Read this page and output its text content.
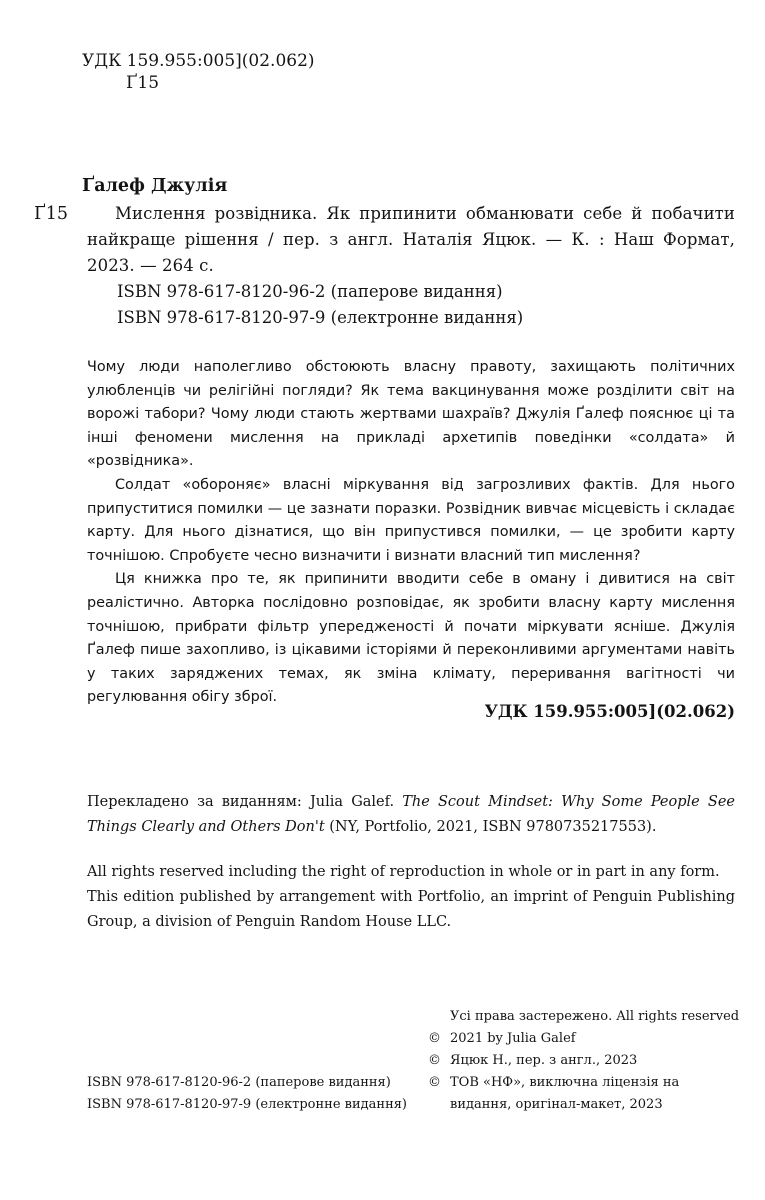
УДК 159.955:005](02.062)
Ґ15
Ґалеф Джулія
Ґ15	Мислення розвідника. Як припинити обманювати себе й побачити найкраще рішення / пер. з англ. Наталія Яцюк. — К. : Наш Формат, 2023. — 264 с.
ISBN 978-617-8120-96-2 (паперове видання)
ISBN 978-617-8120-97-9 (електронне видання)

Чому люди наполегливо обстоюють власну правоту, захищають політичних улюбленців чи релігійні погляди? Як тема вакцинування може розділити світ на ворожі табори? Чому люди стають жертвами шахраїв? Джулія Ґалеф пояснює ці та інші феномени мислення на прикладі архетипів поведінки «солдата» й «розвідника».

Солдат «обороняє» власні міркування від загрозливих фактів. Для нього припуститися помилки — це зазнати поразки. Розвідник вивчає місцевість і складає карту. Для нього дізнатися, що він припустився помилки, — це зробити карту точнішою. Спробуєте чесно визначити і визнати власний тип мислення?

Ця книжка про те, як припинити вводити себе в оману і дивитися на світ реалістично. Авторка послідовно розповідає, як зробити власну карту мислення точнішою, прибрати фільтр упередженості й почати міркувати ясніше. Джулія Ґалеф пише захопливо, із цікавими історіями й переконливими аргументами навіть у таких заряджених темах, як зміна клімату, переривання вагітності чи регулювання обігу зброї.

УДК 159.955:005](02.062)
Перекладено за виданням: Julia Galef. The Scout Mindset: Why Some People See Things Clearly and Others Don't (NY, Portfolio, 2021, ISBN 9780735217553).

All rights reserved including the right of reproduction in whole or in part in any form.

This edition published by arrangement with Portfolio, an imprint of Penguin Publishing Group, a division of Penguin Random House LLC.

ISBN 978-617-8120-96-2 (паперове видання)
ISBN 978-617-8120-97-9 (електронне видання)
Усі права застережено. All rights reserved
© 2021 by Julia Galef
© Яцюк Н., пер. з англ., 2023
© ТОВ «НФ», виключна ліцензія на видання, оригінал-макет, 2023
